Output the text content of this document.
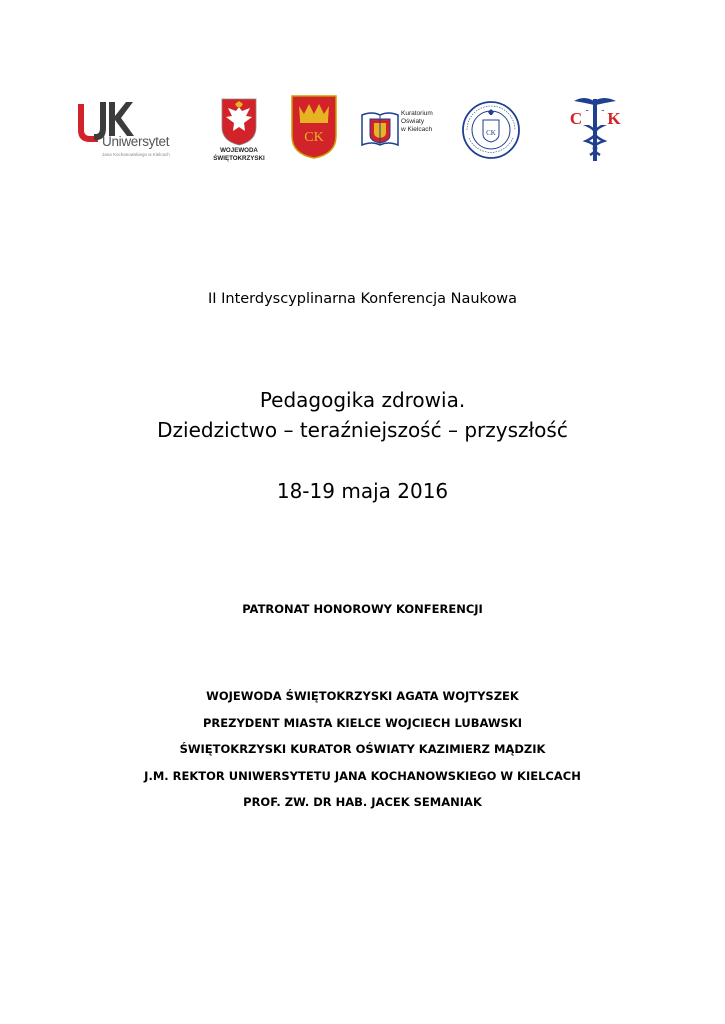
Uniwersytet
Jana Kochanowskiego w Kielcach
WOJEWODA
ŚWIĘTOKRZYSKI
CK
Kuratorium
Oświaty
w Kielcach	CK
C K
II Interdyscyplinarna Konferencja Naukowa
Pedagogika zdrowia.
Dziedzictwo – teraźniejszość – przyszłość
18-19 maja 2016
PATRONAT HONOROWY KONFERENCJI
WOJEWODA ŚWIĘTOKRZYSKI AGATA WOJTYSZEK
PREZYDENT MIASTA KIELCE WOJCIECH LUBAWSKI
ŚWIĘTOKRZYSKI KURATOR OŚWIATY KAZIMIERZ MĄDZIK
J.M. REKTOR UNIWERSYTETU JANA KOCHANOWSKIEGO W KIELCACH
PROF. ZW. DR HAB. JACEK SEMANIAK
